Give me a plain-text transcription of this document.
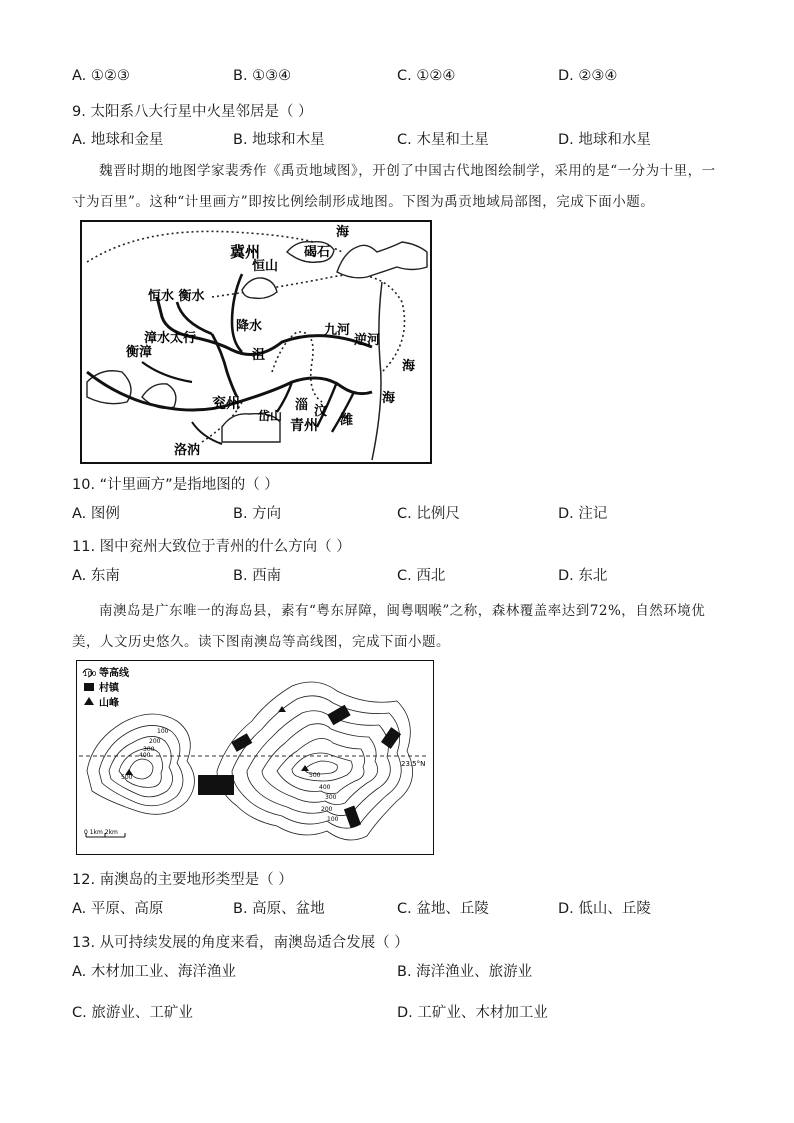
A. ①②③	B. ①③④	C. ①②④	D. ②③④
9. 太阳系八大行星中火星邻居是（ ）
A. 地球和金星	B. 地球和木星	C. 木星和土星	D. 地球和水星
魏晋时期的地图学家裴秀作《禹贡地域图》，开创了中国古代地图绘制学，采用的是“一分为十里，一寸为百里”。这种“计里画方”即按比例绘制形成地图。下图为禹贡地域局部图，完成下面小题。
海
冀州	碣石
恒山
恒水 衡水
降水	九河
逆河
漳水太行
衡漳	沮
海
海
兖州	淄 汶
潍
岱山
青州
洛汭
10. “计里画方”是指地图的（ ）
A. 图例	B. 方向	C. 比例尺	D. 注记
11. 图中兖州大致位于青州的什么方向（ ）
A. 东南	B. 西南	C. 西北	D. 东北
南澳岛是广东唯一的海岛县，素有“粤东屏障，闽粤咽喉”之称，森林覆盖率达到72%，自然环境优美，人文历史悠久。读下图南澳岛等高线图，完成下面小题。
100 等高线
村镇
山峰
23.5°N
100
200
300
400
500	500
400
300
200
100
0 1km 2km
12. 南澳岛的主要地形类型是（ ）
A. 平原、高原	B. 高原、盆地	C. 盆地、丘陵	D. 低山、丘陵
13. 从可持续发展的角度来看，南澳岛适合发展（ ）
A. 木材加工业、海洋渔业	B. 海洋渔业、旅游业
C. 旅游业、工矿业	D. 工矿业、木材加工业
